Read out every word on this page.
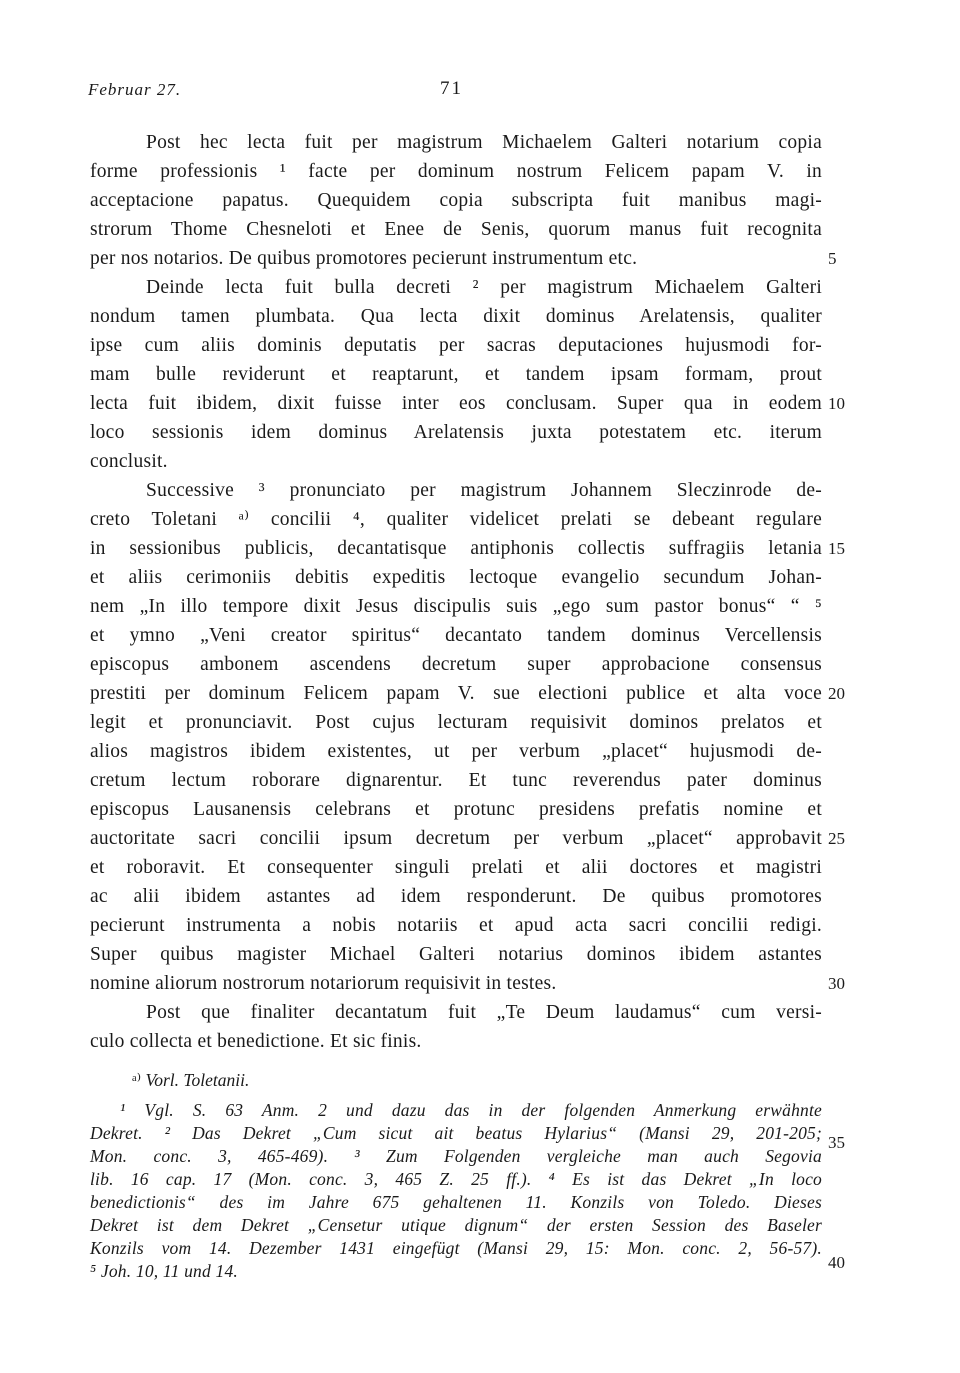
Februar 27.	71
Post hec lecta fuit per magistrum Michaelem Galteri notarium copia
forme professionis ¹ facte per dominum nostrum Felicem papam V. in
acceptacione papatus. Quequidem copia subscripta fuit manibus magi-
strorum Thome Chesneloti et Enee de Senis, quorum manus fuit recognita
per nos notarios. De quibus promotores pecierunt instrumentum etc.
Deinde lecta fuit bulla decreti ² per magistrum Michaelem Galteri
nondum tamen plumbata. Qua lecta dixit dominus Arelatensis, qualiter
ipse cum aliis dominis deputatis per sacras deputaciones hujusmodi for-
mam bulle reviderunt et reaptarunt, et tandem ipsam formam, prout
lecta fuit ibidem, dixit fuisse inter eos conclusam. Super qua in eodem
loco sessionis idem dominus Arelatensis juxta potestatem etc. iterum
conclusit.
Successive ³ pronunciato per magistrum Johannem Sleczinrode de-
creto Toletani ᵃ⁾ concilii ⁴, qualiter videlicet prelati se debeant regulare
in sessionibus publicis, decantatisque antiphonis collectis suffragiis letania
et aliis cerimoniis debitis expeditis lectoque evangelio secundum Johan-
nem „In illo tempore dixit Jesus discipulis suis „ego sum pastor bonus“ “ ⁵
et ymno „Veni creator spiritus“ decantato tandem dominus Vercellensis
episcopus ambonem ascendens decretum super approbacione consensus
prestiti per dominum Felicem papam V. sue electioni publice et alta voce
legit et pronunciavit. Post cujus lecturam requisivit dominos prelatos et
alios magistros ibidem existentes, ut per verbum „placet“ hujusmodi de-
cretum lectum roborare dignarentur. Et tunc reverendus pater dominus
episcopus Lausanensis celebrans et protunc presidens prefatis nomine et
auctoritate sacri concilii ipsum decretum per verbum „placet“ approbavit
et roboravit. Et consequenter singuli prelati et alii doctores et magistri
ac alii ibidem astantes ad idem responderunt. De quibus promotores
pecierunt instrumenta a nobis notariis et apud acta sacri concilii redigi.
Super quibus magister Michael Galteri notarius dominos ibidem astantes
nomine aliorum nostrorum notariorum requisivit in testes.
Post que finaliter decantatum fuit „Te Deum laudamus“ cum versi-
culo collecta et benedictione. Et sic finis.
5
10
15
20
25
30
35
40
ᵃ⁾ Vorl. Toletanii.
¹ Vgl. S. 63 Anm. 2 und dazu das in der folgenden Anmerkung erwähnte
Dekret. ² Das Dekret „Cum sicut ait beatus Hylarius“ (Mansi 29, 201-205;
Mon. conc. 3, 465-469). ³ Zum Folgenden vergleiche man auch Segovia
lib. 16 cap. 17 (Mon. conc. 3, 465 Z. 25 ff.). ⁴ Es ist das Dekret „In loco
benedictionis“ des im Jahre 675 gehaltenen 11. Konzils von Toledo. Dieses
Dekret ist dem Dekret „Censetur utique dignum“ der ersten Session des Baseler
Konzils vom 14. Dezember 1431 eingefügt (Mansi 29, 15: Mon. conc. 2, 56-57).
⁵ Joh. 10, 11 und 14.
